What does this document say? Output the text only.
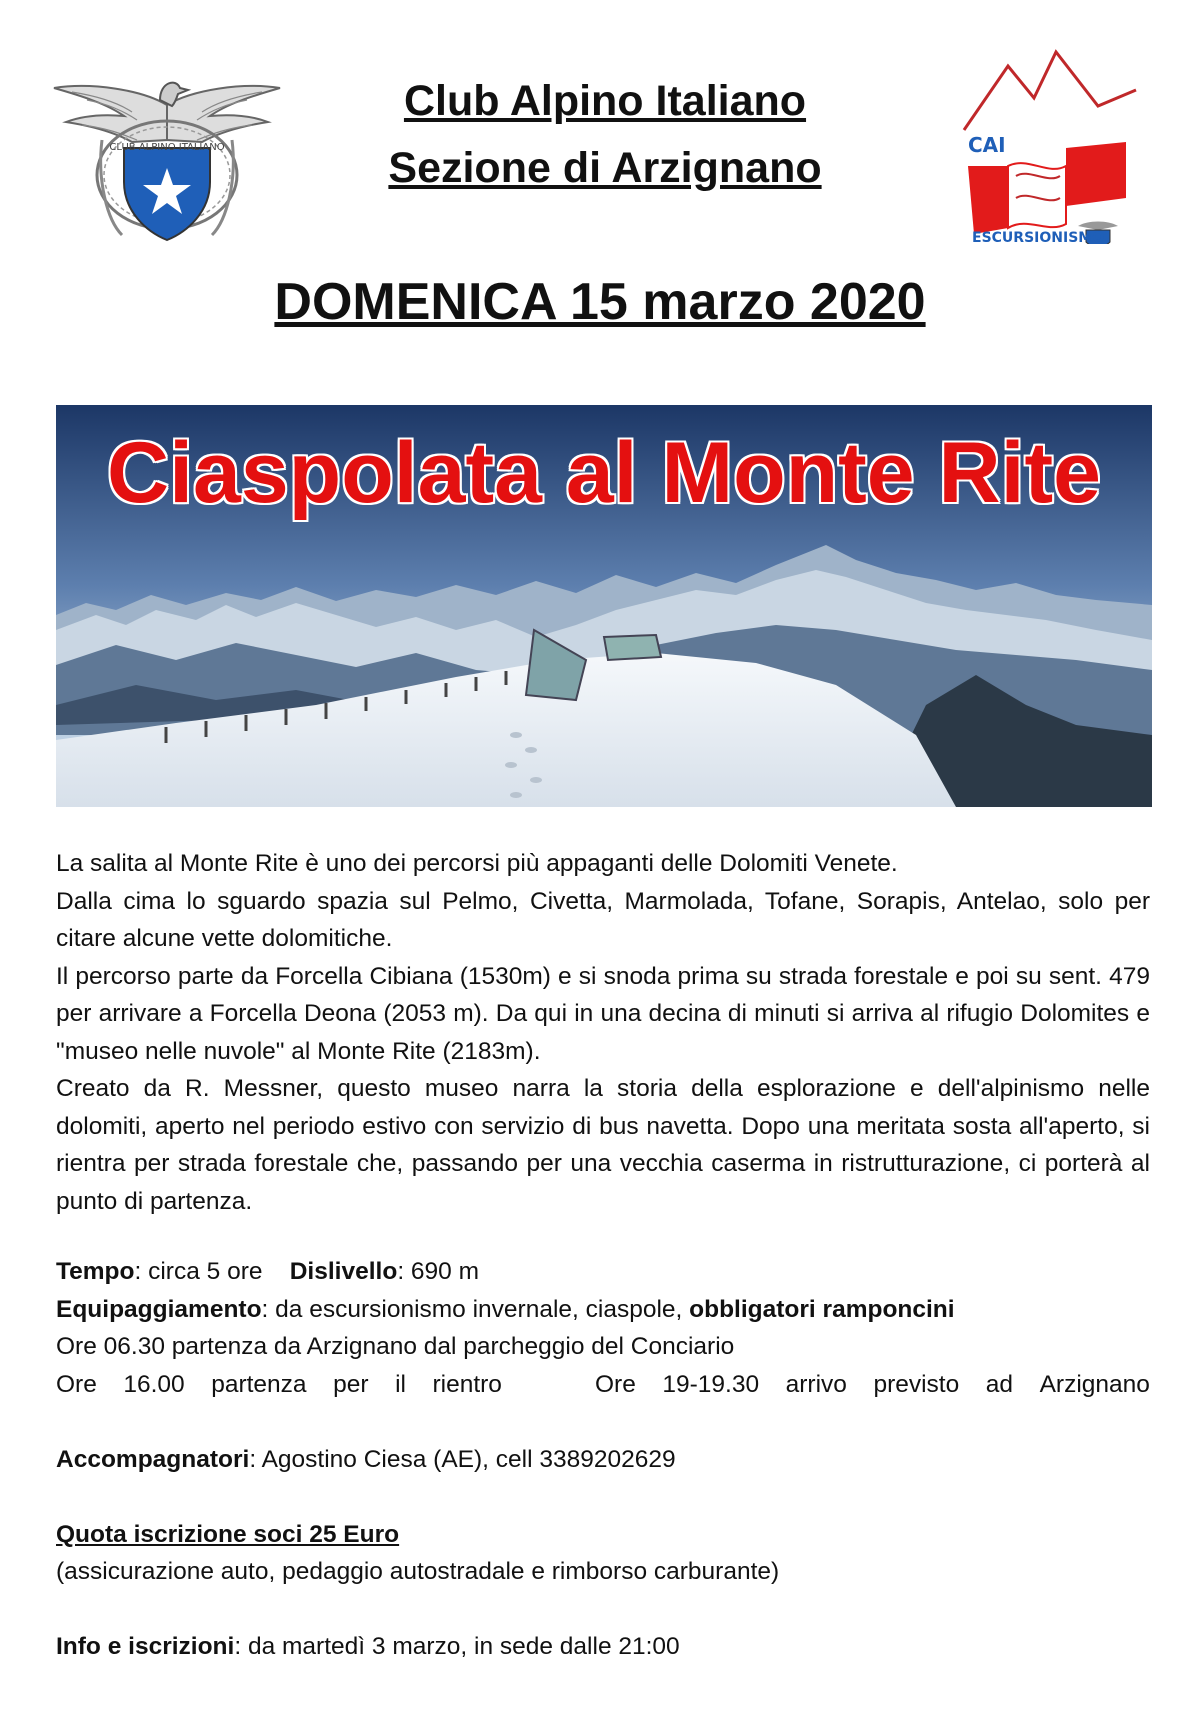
CLUB ALPINO ITALIANO
Club Alpino Italiano
Sezione di Arzignano	CAI
ESCURSIONISMO
DOMENICA 15 marzo 2020
Ciaspolata al Monte Rite

La salita al Monte Rite è uno dei percorsi più appaganti delle Dolomiti Venete.

Dalla cima lo sguardo spazia sul Pelmo, Civetta, Marmolada, Tofane, Sorapis, Antelao, solo per citare alcune vette dolomitiche.

Il percorso parte da Forcella Cibiana (1530m) e si snoda prima su strada forestale e poi su sent. 479 per arrivare a Forcella Deona (2053 m). Da qui in una decina di minuti si arriva al rifugio Dolomites e "museo nelle nuvole" al Monte Rite (2183m).

Creato da R. Messner, questo museo narra la storia della esplorazione e dell'alpinismo nelle dolomiti, aperto nel periodo estivo con servizio di bus navetta. Dopo una meritata sosta all'aperto, si rientra per strada forestale che, passando per una vecchia caserma in ristrutturazione, ci porterà al punto di partenza.

Tempo: circa 5 ore Dislivello: 690 m
Equipaggiamento: da escursionismo invernale, ciaspole, obbligatori ramponcini
Ore 06.30 partenza da Arzignano dal parcheggio del Conciario
Ore 16.00 partenza per il rientro	Ore 19-19.30 arrivo previsto ad Arzignano
Accompagnatori: Agostino Ciesa (AE), cell 3389202629
Quota iscrizione soci 25 Euro
(assicurazione auto, pedaggio autostradale e rimborso carburante)
Info e iscrizioni: da martedì 3 marzo, in sede dalle 21:00
